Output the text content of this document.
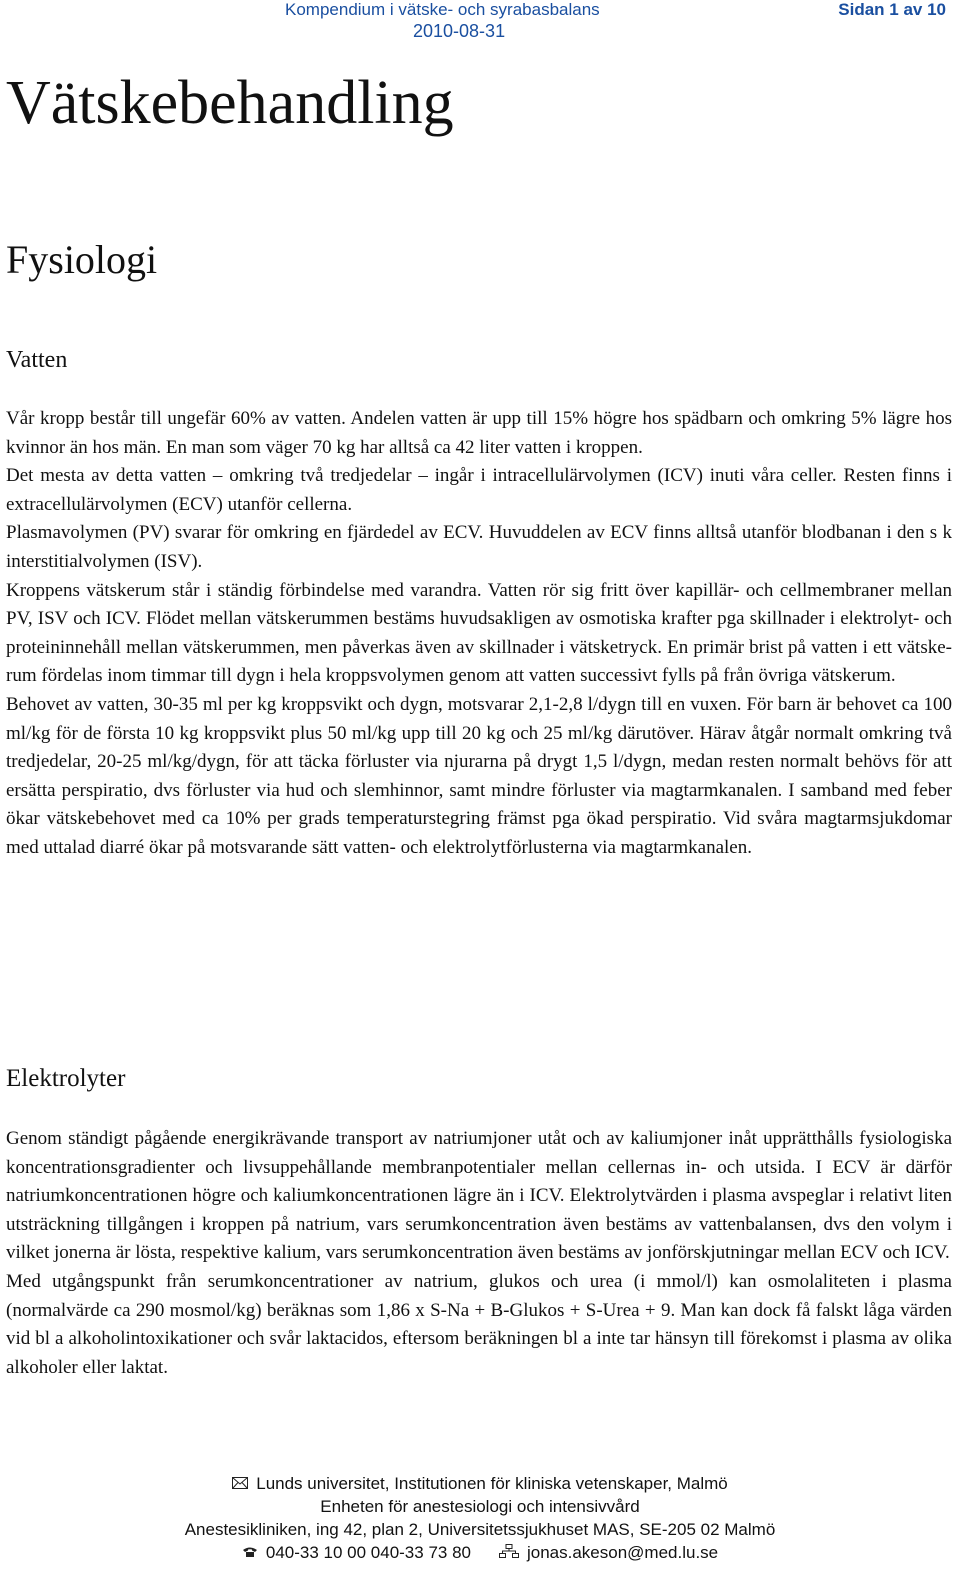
Kompendium i vätske- och syrabasbalans
2010-08-31
Sidan 1 av 10
Vätskebehandling
Fysiologi
Vatten

Vår kropp består till ungefär 60% av vatten. Andelen vatten är upp till 15% högre hos spädbarn och omkring 5% lägre hos kvinnor än hos män. En man som väger 70 kg har alltså ca 42 liter vatten i kroppen.

Det mesta av detta vatten – omkring två tredjedelar – ingår i intracellulärvolymen (ICV) inuti våra celler. Resten finns i extracellulärvolymen (ECV) utanför cellerna.

Plasmavolymen (PV) svarar för omkring en fjärdedel av ECV. Huvuddelen av ECV finns alltså utanför blodbanan i den s k interstitialvolymen (ISV).

Kroppens vätskerum står i ständig förbindelse med varandra. Vatten rör sig fritt över kapillär- och cellmembraner mellan PV, ISV och ICV. Flödet mellan vätskerummen bestäms huvudsakligen av osmotiska krafter pga skillnader i elektrolyt- och proteininnehåll mellan vätskerummen, men påverkas även av skillnader i vätsketryck. En primär brist på vatten i ett vätskerum fördelas inom timmar till dygn i hela kroppsvolymen genom att vatten successivt fylls på från övriga vätskerum.

Behovet av vatten, 30-35 ml per kg kroppsvikt och dygn, motsvarar 2,1-2,8 l/dygn till en vuxen. För barn är behovet ca 100 ml/kg för de första 10 kg kroppsvikt plus 50 ml/kg upp till 20 kg och 25 ml/kg därutöver. Härav åtgår normalt omkring två tredjedelar, 20-25 ml/kg/dygn, för att täcka förluster via njurarna på drygt 1,5 l/dygn, medan resten normalt behövs för att ersätta perspiratio, dvs förluster via hud och slemhinnor, samt mindre förluster via magtarmkanalen. I samband med feber ökar vätskebehovet med ca 10% per grads temperaturstegring främst pga ökad perspiratio. Vid svåra magtarmsjukdomar med uttalad diarré ökar på motsvarande sätt vatten- och elektrolytförlusterna via magtarmkanalen.

Elektrolyter

Genom ständigt pågående energikrävande transport av natriumjoner utåt och av kaliumjoner inåt upprätthålls fysiologiska koncentrationsgradienter och livsuppehållande membranpotentialer mellan cellernas in- och utsida. I ECV är därför natriumkoncentrationen högre och kaliumkoncentrationen lägre än i ICV. Elektrolytvärden i plasma avspeglar i relativt liten utsträckning tillgången i kroppen på natrium, vars serumkoncentration även bestäms av vattenbalansen, dvs den volym i vilket jonerna är lösta, respektive kalium, vars serumkoncentration även bestäms av jonförskjutningar mellan ECV och ICV.

Med utgångspunkt från serumkoncentrationer av natrium, glukos och urea (i mmol/l) kan osmolaliteten i plasma (normalvärde ca 290 mosmol/kg) beräknas som 1,86 x S-Na + B-Glukos + S-Urea + 9. Man kan dock få falskt låga värden vid bl a alkoholintoxikationer och svår laktacidos, eftersom beräkningen bl a inte tar hänsyn till förekomst i plasma av olika alkoholer eller laktat.

Lunds universitet, Institutionen för kliniska vetenskaper, Malmö
Enheten för anestesiologi och intensivvård
Anestesikliniken, ing 42, plan 2, Universitetssjukhuset MAS, SE-205 02 Malmö
040-33 10 00 040-33 73 80	jonas.akeson@med.lu.se
